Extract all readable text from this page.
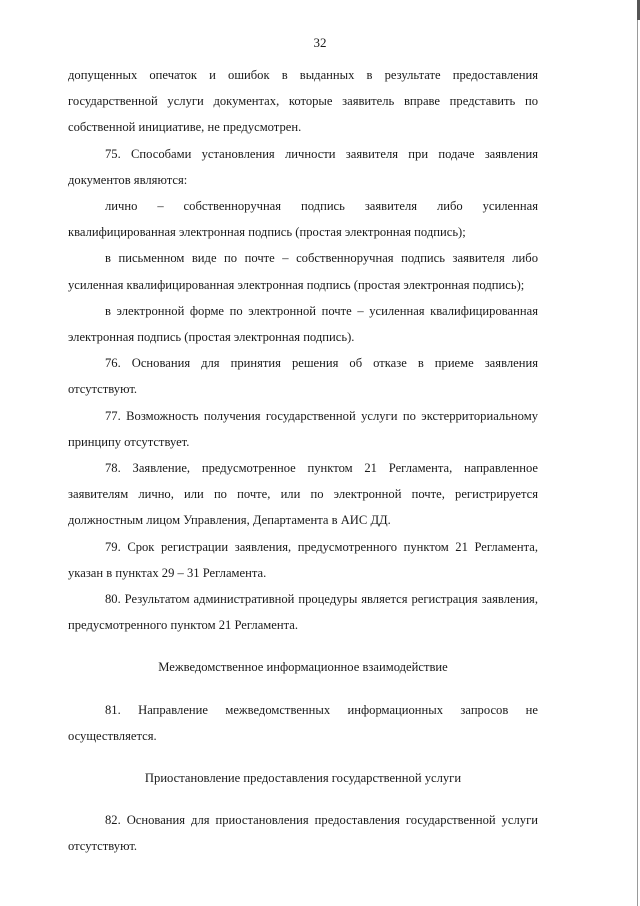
32

допущенных опечаток и ошибок в выданных в результате предоставления государственной услуги документах, которые заявитель вправе представить по собственной инициативе, не предусмотрен.

75. Способами установления личности заявителя при подаче заявления документов являются:

лично – собственноручная подпись заявителя либо усиленная квалифицированная электронная подпись (простая электронная подпись);

в письменном виде по почте – собственноручная подпись заявителя либо усиленная квалифицированная электронная подпись (простая электронная подпись);

в электронной форме по электронной почте – усиленная квалифицированная электронная подпись (простая электронная подпись).

76. Основания для принятия решения об отказе в приеме заявления отсутствуют.

77. Возможность получения государственной услуги по экстерриториальному принципу отсутствует.

78. Заявление, предусмотренное пунктом 21 Регламента, направленное заявителям лично, или по почте, или по электронной почте, регистрируется должностным лицом Управления, Департамента в АИС ДД.

79. Срок регистрации заявления, предусмотренного пунктом 21 Регламента, указан в пунктах 29 – 31 Регламента.

80. Результатом административной процедуры является регистрация заявления, предусмотренного пунктом 21 Регламента.

Межведомственное информационное взаимодействие

81. Направление межведомственных информационных запросов не осуществляется.

Приостановление предоставления государственной услуги

82. Основания для приостановления предоставления государственной услуги отсутствуют.
